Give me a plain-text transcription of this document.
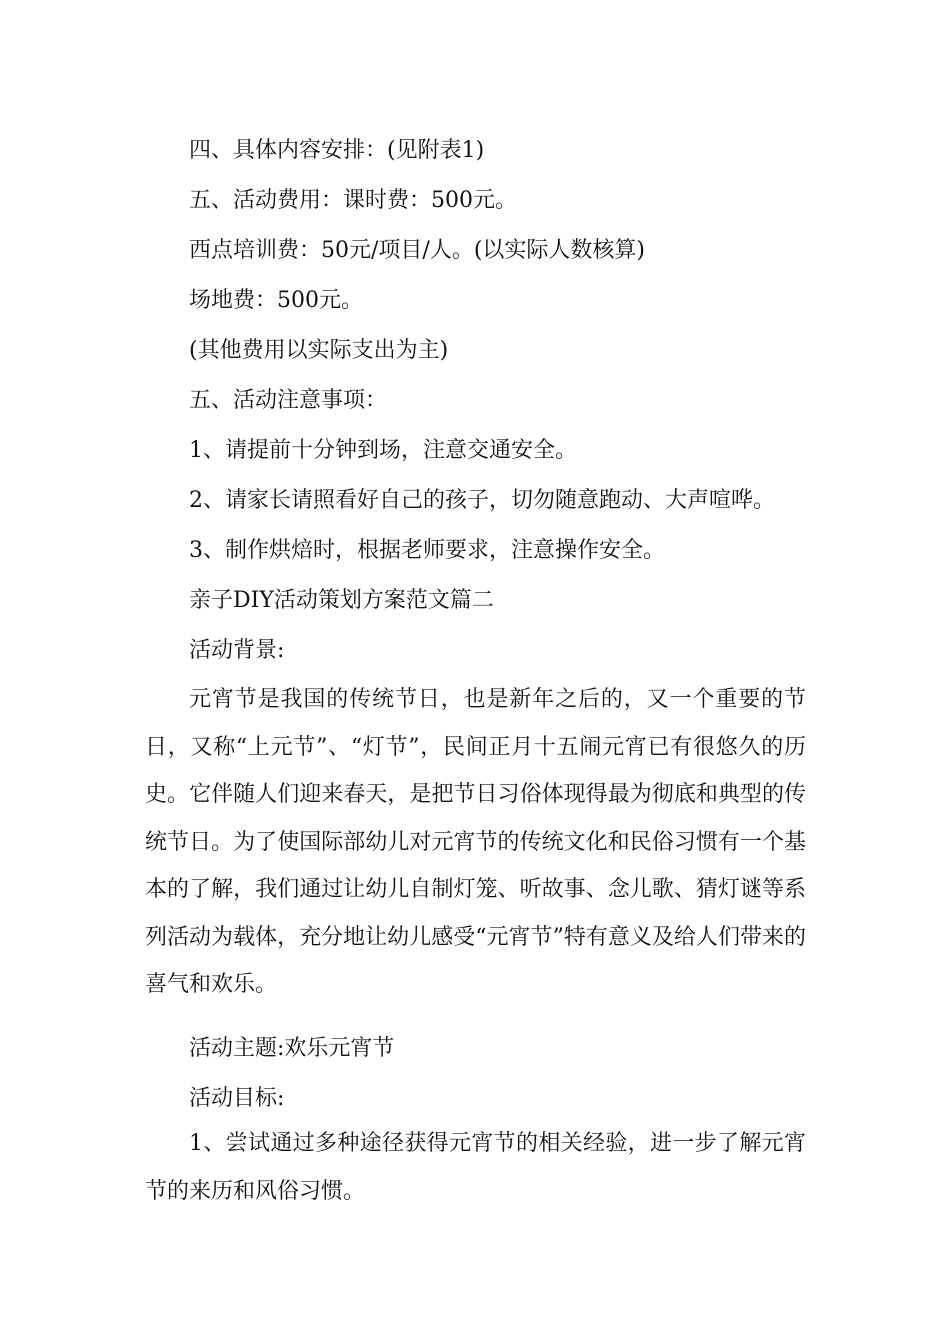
四、具体内容安排：(见附表1)
五、活动费用：课时费：500元。
西点培训费：50元/项目/人。(以实际人数核算)
场地费：500元。
(其他费用以实际支出为主)
五、活动注意事项：
1、请提前十分钟到场，注意交通安全。
2、请家长请照看好自己的孩子，切勿随意跑动、大声喧哗。
3、制作烘焙时，根据老师要求，注意操作安全。
亲子DIY活动策划方案范文篇二
活动背景:
元宵节是我国的传统节日，也是新年之后的，又一个重要的节日，又称“上元节”、“灯节”，民间正月十五闹元宵已有很悠久的历史。它伴随人们迎来春天，是把节日习俗体现得最为彻底和典型的传统节日。为了使国际部幼儿对元宵节的传统文化和民俗习惯有一个基本的了解，我们通过让幼儿自制灯笼、听故事、念儿歌、猜灯谜等系列活动为载体，充分地让幼儿感受“元宵节”特有意义及给人们带来的喜气和欢乐。
活动主题:欢乐元宵节
活动目标:
1、尝试通过多种途径获得元宵节的相关经验，进一步了解元宵节的来历和风俗习惯。
